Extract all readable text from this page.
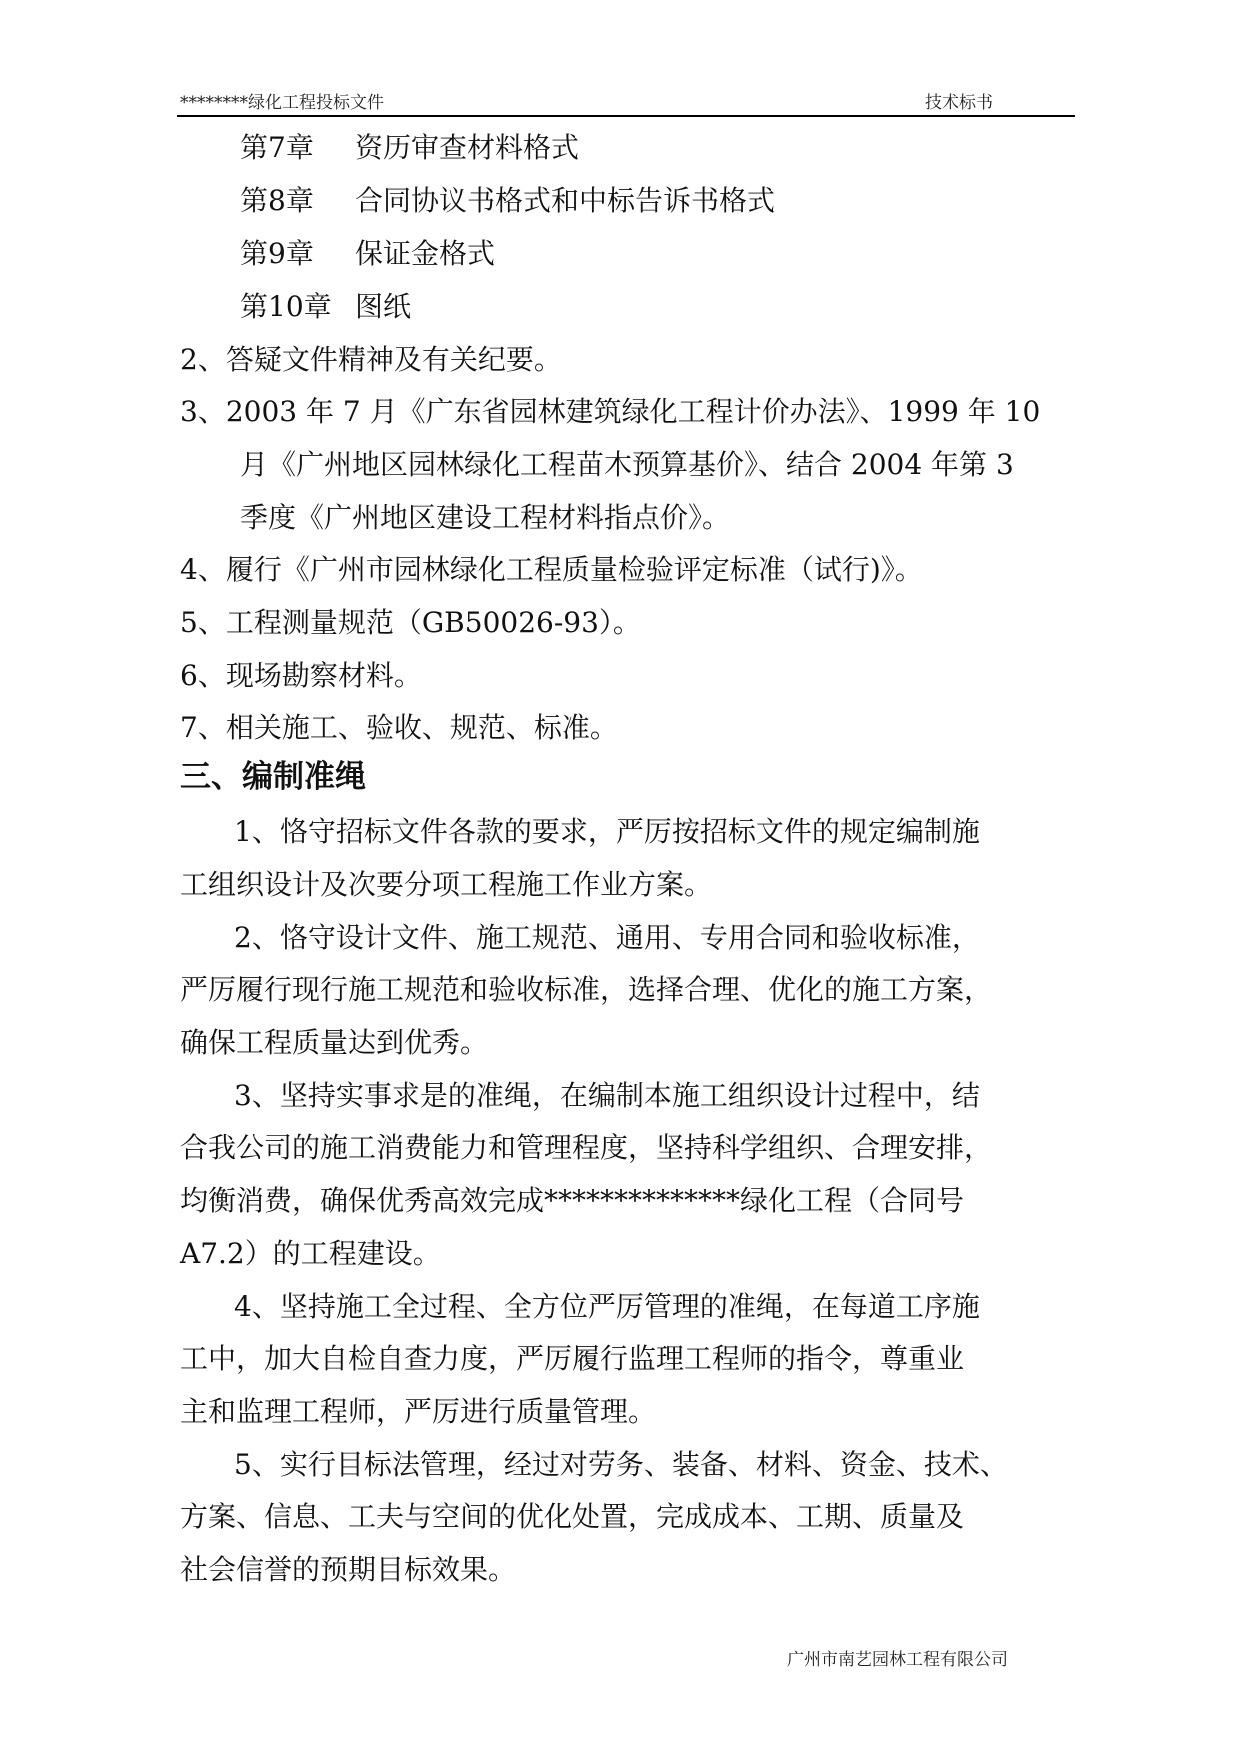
********绿化工程投标文件	技术标书
第7章 资历审查材料格式
第8章 合同协议书格式和中标告诉书格式
第9章 保证金格式
第10章 图纸
2、答疑文件精神及有关纪要。
3、2003 年 7 月《广东省园林建筑绿化工程计价办法》、1999 年 10
月《广州地区园林绿化工程苗木预算基价》、结合 2004 年第 3
季度《广州地区建设工程材料指点价》。
4、履行《广州市园林绿化工程质量检验评定标准（试行)》。
5、工程测量规范（GB50026-93）。
6、现场勘察材料。
7、相关施工、验收、规范、标准。
三、编制准绳
1、恪守招标文件各款的要求，严厉按招标文件的规定编制施
工组织设计及次要分项工程施工作业方案。
2、恪守设计文件、施工规范、通用、专用合同和验收标准，
严厉履行现行施工规范和验收标准，选择合理、优化的施工方案，
确保工程质量达到优秀。
3、坚持实事求是的准绳，在编制本施工组织设计过程中，结
合我公司的施工消费能力和管理程度，坚持科学组织、合理安排，
均衡消费，确保优秀高效完成**************绿化工程（合同号
A7.2）的工程建设。
4、坚持施工全过程、全方位严厉管理的准绳，在每道工序施
工中，加大自检自查力度，严厉履行监理工程师的指令，尊重业
主和监理工程师，严厉进行质量管理。
5、实行目标法管理，经过对劳务、装备、材料、资金、技术、
方案、信息、工夫与空间的优化处置，完成成本、工期、质量及
社会信誉的预期目标效果。
广州市南艺园林工程有限公司
